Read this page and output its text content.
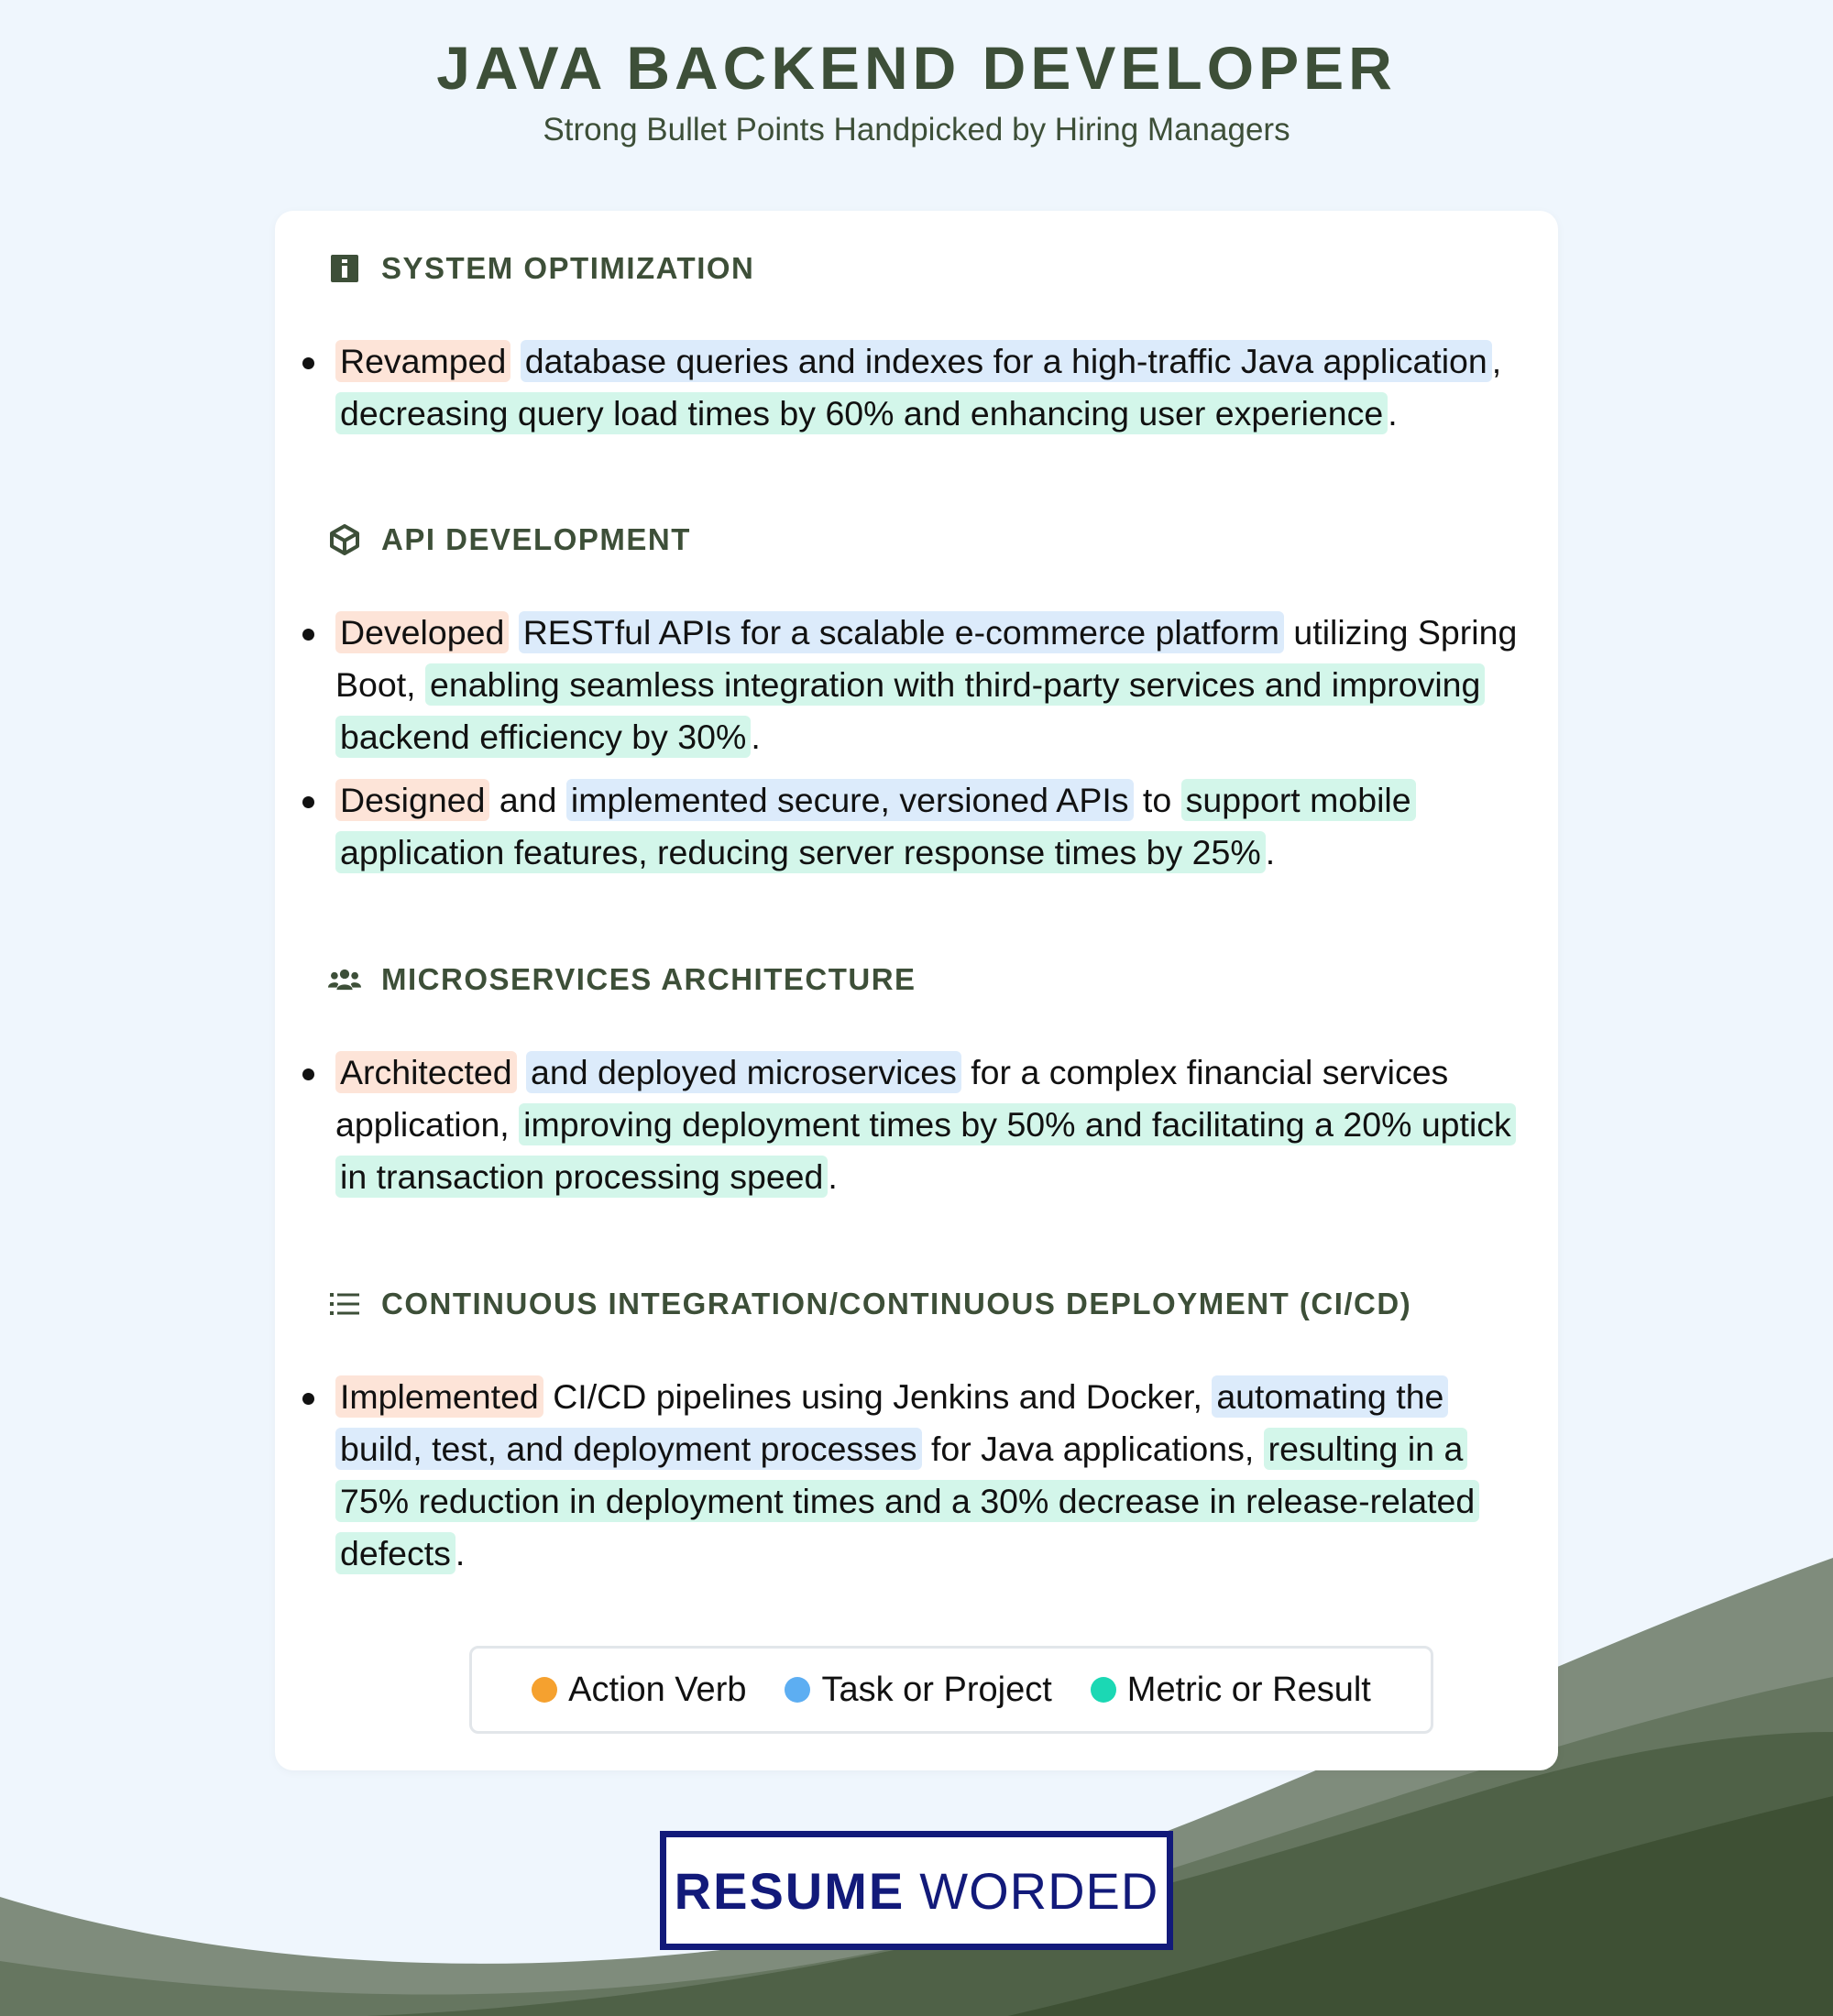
JAVA BACKEND DEVELOPER
Strong Bullet Points Handpicked by Hiring Managers
SYSTEM OPTIMIZATION
Revamped database queries and indexes for a high-traffic Java application , decreasing query load times by 60% and enhancing user experience .
API DEVELOPMENT
Developed RESTful APIs for a scalable e-commerce platform utilizing Spring Boot, enabling seamless integration with third-party services and improving backend efficiency by 30% .
Designed and implemented secure, versioned APIs to support mobile application features, reducing server response times by 25% .
MICROSERVICES ARCHITECTURE
Architected and deployed microservices for a complex financial services application, improving deployment times by 50% and facilitating a 20% uptick in transaction processing speed .
CONTINUOUS INTEGRATION/CONTINUOUS DEPLOYMENT (CI/CD)
Implemented CI/CD pipelines using Jenkins and Docker, automating the build, test, and deployment processes for Java applications, resulting in a 75% reduction in deployment times and a 30% decrease in release-related defects .
Action Verb Task or Project Metric or Result
RESUME WORDED
